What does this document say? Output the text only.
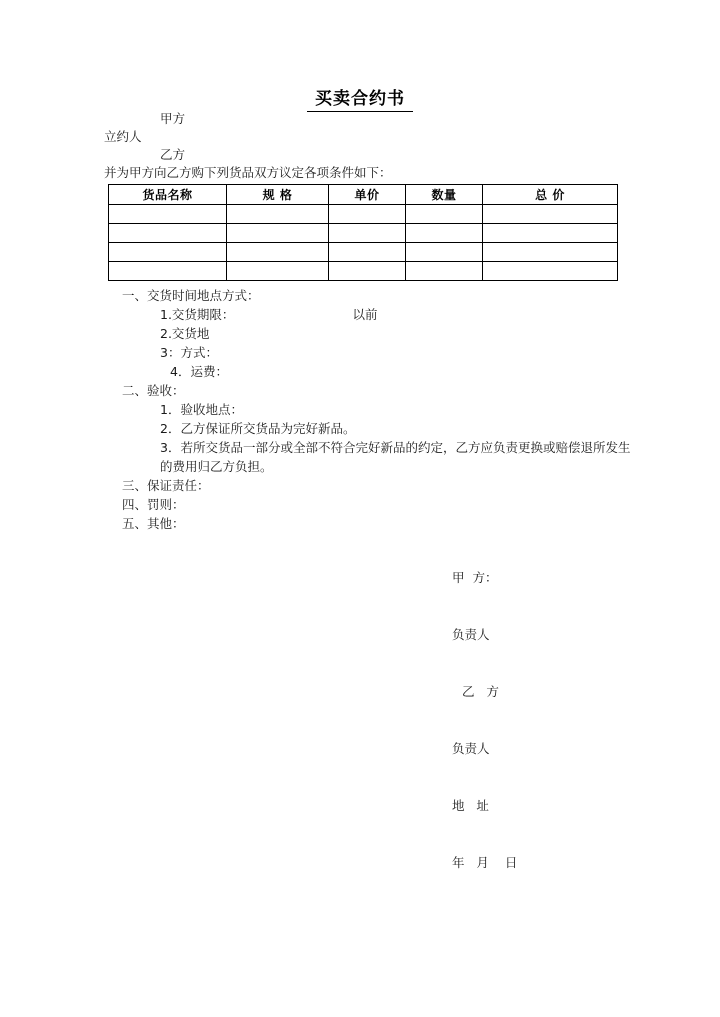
买卖合约书
甲方
立约人
乙方
并为甲方向乙方购下列货品双方议定各项条件如下：
货品名称	规 格	单价	数量	总 价

一、交货时间地点方式：
1.交货期限：	以前
2.交货地
3：方式：
4．运费：
二、验收：
1．验收地点：
2．乙方保证所交货品为完好新品。
3．若所交货品一部分或全部不符合完好新品的约定，乙方应负责更换或赔偿退所发生的费用归乙方负担。
三、保证责任：
四、罚则：
五、其他：

甲  方：

负责人

乙   方

负责人

地   址

年   月    日
